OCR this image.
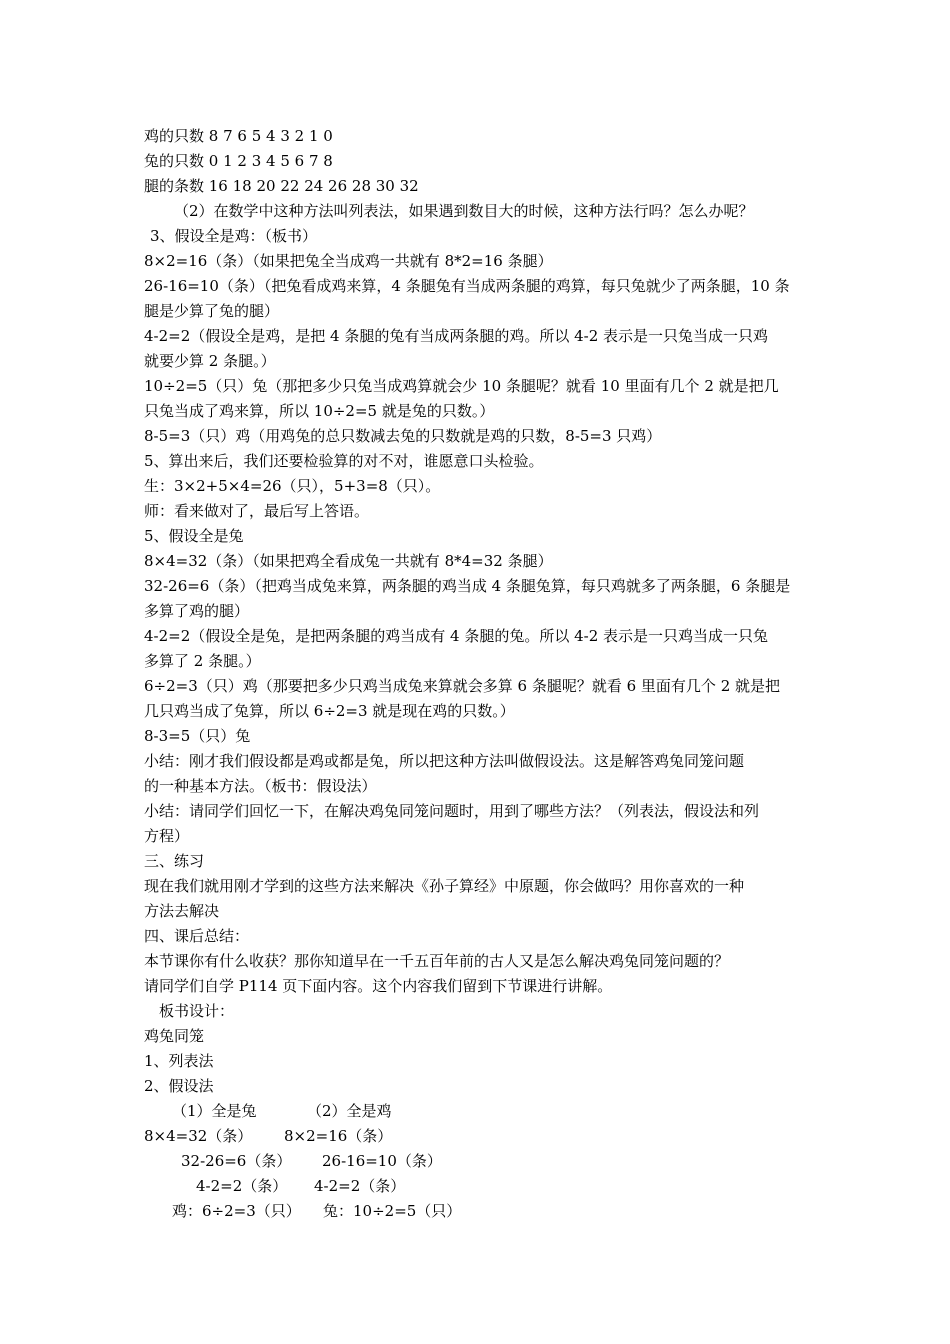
鸡的只数 8 7 6 5 4 3 2 1 0
兔的只数 0 1 2 3 4 5 6 7 8
腿的条数 16 18 20 22 24 26 28 30 32
（2）在数学中这种方法叫列表法，如果遇到数目大的时候，这种方法行吗？怎么办呢？
3、假设全是鸡：（板书）
8×2=16（条）（如果把兔全当成鸡一共就有 8*2=16 条腿）
26-16=10（条）（把兔看成鸡来算，4 条腿兔有当成两条腿的鸡算，每只兔就少了两条腿，10 条
腿是少算了兔的腿）
4-2=2（假设全是鸡，是把 4 条腿的兔有当成两条腿的鸡。所以 4-2 表示是一只兔当成一只鸡
就要少算 2 条腿。）
10÷2=5（只）兔（那把多少只兔当成鸡算就会少 10 条腿呢？就看 10 里面有几个 2 就是把几
只兔当成了鸡来算，所以 10÷2=5 就是兔的只数。）
8-5=3（只）鸡（用鸡兔的总只数减去兔的只数就是鸡的只数，8-5=3 只鸡）
5、算出来后，我们还要检验算的对不对，谁愿意口头检验。
生：3×2+5×4=26（只），5+3=8（只）。
师：看来做对了，最后写上答语。
5、假设全是兔
8×4=32（条）（如果把鸡全看成兔一共就有 8*4=32 条腿）
32-26=6（条）（把鸡当成兔来算，两条腿的鸡当成 4 条腿兔算，每只鸡就多了两条腿，6 条腿是
多算了鸡的腿）
4-2=2（假设全是兔，是把两条腿的鸡当成有 4 条腿的兔。所以 4-2 表示是一只鸡当成一只兔
多算了 2 条腿。）
6÷2=3（只）鸡（那要把多少只鸡当成兔来算就会多算 6 条腿呢？就看 6 里面有几个 2 就是把
几只鸡当成了兔算，所以 6÷2=3 就是现在鸡的只数。）
8-3=5（只）兔
小结：刚才我们假设都是鸡或都是兔，所以把这种方法叫做假设法。这是解答鸡兔同笼问题
的一种基本方法。（板书：假设法）
小结：请同学们回忆一下，在解决鸡兔同笼问题时，用到了哪些方法？（列表法，假设法和列
方程）
三、练习
现在我们就用刚才学到的这些方法来解决《孙子算经》中原题，你会做吗？用你喜欢的一种
方法去解决
四、课后总结：
本节课你有什么收获？那你知道早在一千五百年前的古人又是怎么解决鸡兔同笼问题的？
请同学们自学 P114 页下面内容。这个内容我们留到下节课进行讲解。
板书设计：
鸡兔同笼
1、列表法
2、假设法
（1）全是兔	（2）全是鸡
8×4=32（条）	8×2=16（条）
32-26=6（条）	26-16=10（条）
4-2=2（条）	4-2=2（条）
鸡：6÷2=3（只）	兔：10÷2=5（只）
